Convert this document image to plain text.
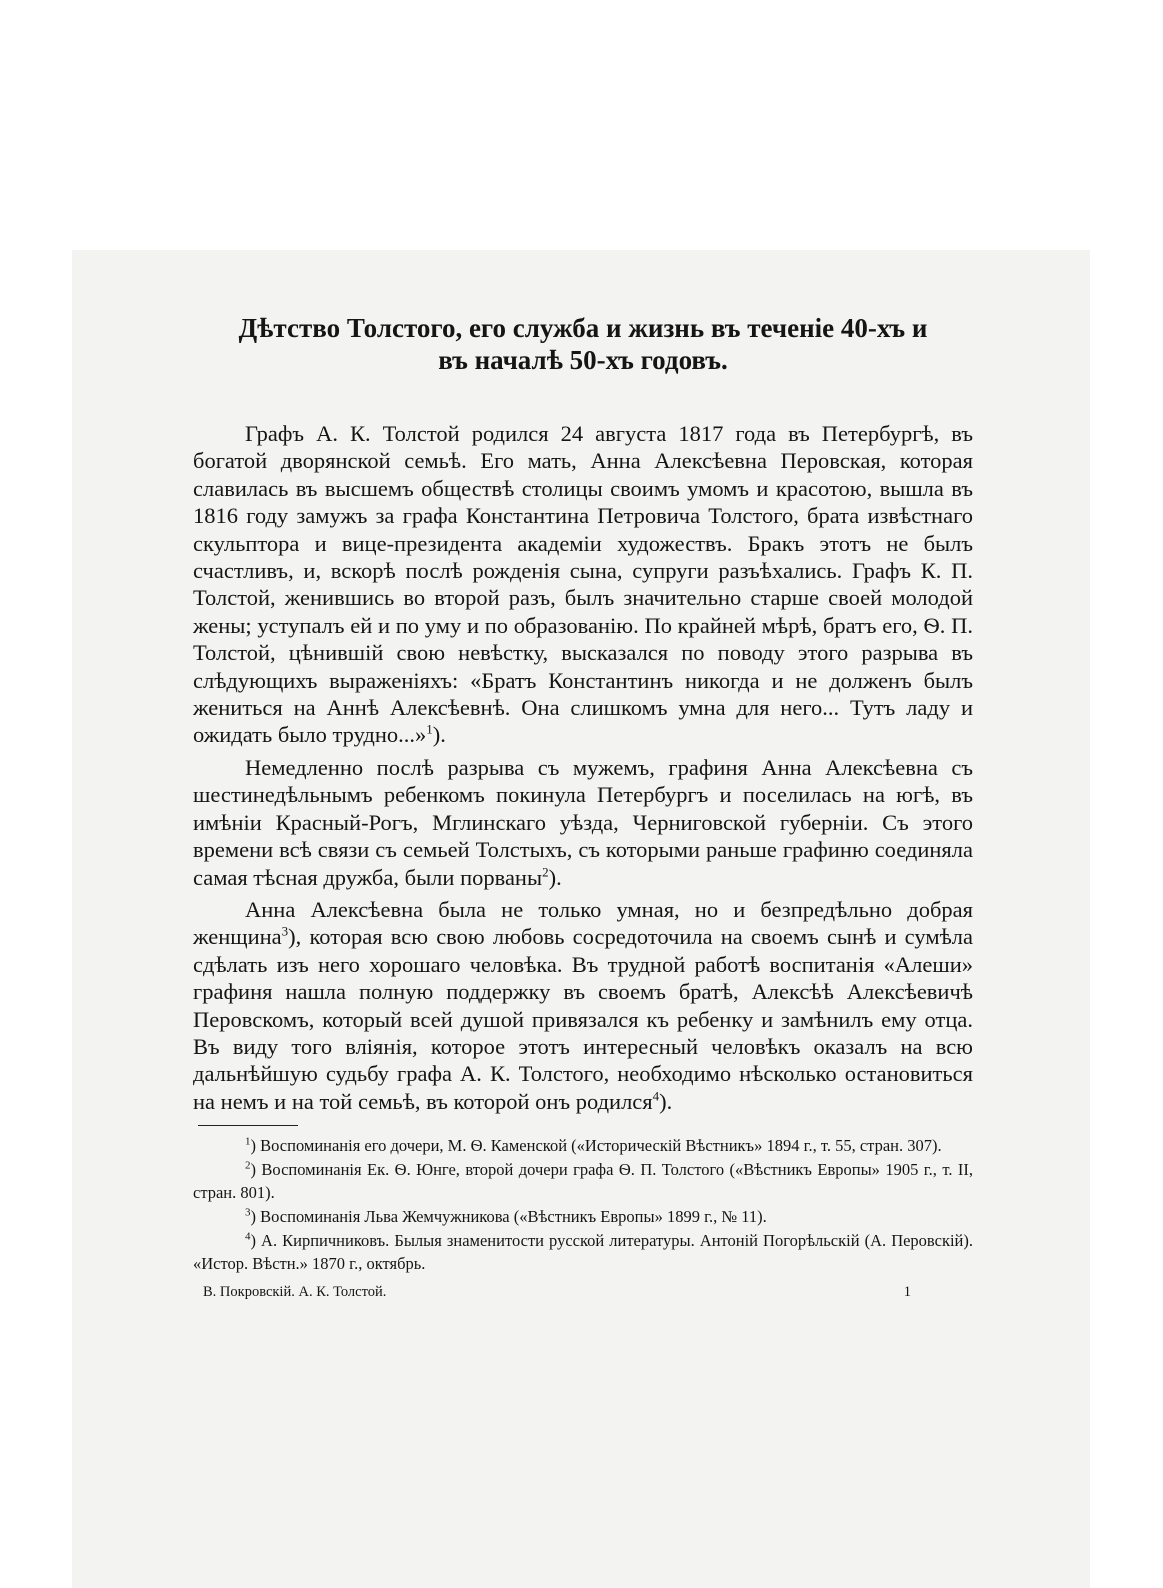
Дѣтство Толстого, его служба и жизнь въ теченіе 40-хъ и
въ началѣ 50-хъ годовъ.

Графъ А. К. Толстой родился 24 августа 1817 года въ Петербургѣ, въ богатой дворянской семьѣ. Его мать, Анна Алексѣевна Перовская, которая славилась въ высшемъ обществѣ столицы своимъ умомъ и красотою, вышла въ 1816 году замужъ за графа Константина Петровича Толстого, брата извѣстнаго скульптора и вице-президента академіи художествъ. Бракъ этотъ не былъ счастливъ, и, вскорѣ послѣ рожденія сына, супруги разъѣхались. Графъ К. П. Толстой, женившись во второй разъ, былъ значительно старше своей молодой жены; уступалъ ей и по уму и по образованію. По крайней мѣрѣ, братъ его, Ѳ. П. Толстой, цѣнившій свою невѣстку, высказался по поводу этого разрыва въ слѣдующихъ выраженіяхъ: «Братъ Константинъ никогда и не долженъ былъ жениться на Аннѣ Алексѣевнѣ. Она слишкомъ умна для него... Тутъ ладу и ожидать было трудно...»$^1$).

Немедленно послѣ разрыва съ мужемъ, графиня Анна Алексѣевна съ шестинедѣльнымъ ребенкомъ покинула Петербургъ и поселилась на югѣ, въ имѣніи Красный-Рогъ, Мглинскаго уѣзда, Черниговской губерніи. Съ этого времени всѣ связи съ семьей Толстыхъ, съ которыми раньше графиню соединяла самая тѣсная дружба, были порваны$^2$).

Анна Алексѣевна была не только умная, но и безпредѣльно добрая женщина$^3$), которая всю свою любовь сосредоточила на своемъ сынѣ и сумѣла сдѣлать изъ него хорошаго человѣка. Въ трудной работѣ воспитанія «Алеши» графиня нашла полную поддержку въ своемъ братѣ, Алексѣѣ Алексѣевичѣ Перовскомъ, который всей душой привязался къ ребенку и замѣнилъ ему отца. Въ виду того вліянія, которое этотъ интересный человѣкъ оказалъ на всю дальнѣйшую судьбу графа А. К. Толстого, необходимо нѣсколько остановиться на немъ и на той семьѣ, въ которой онъ родился$^4$).

$^1$) Воспоминанія его дочери, М. Ѳ. Каменской («Историческій Вѣстникъ» 1894 г., т. 55, стран. 307).

$^2$) Воспоминанія Ек. Ѳ. Юнге, второй дочери графа Ѳ. П. Толстого («Вѣстникъ Европы» 1905 г., т. II, стран. 801).

$^3$) Воспоминанія Льва Жемчужникова («Вѣстникъ Европы» 1899 г., № 11).

$^4$) А. Кирпичниковъ. Былыя знаменитости русской литературы. Антоній Погорѣльскій (А. Перовскій). «Истор. Вѣстн.» 1870 г., октябрь.

В. Покровскій. А. К. Толстой.	1
